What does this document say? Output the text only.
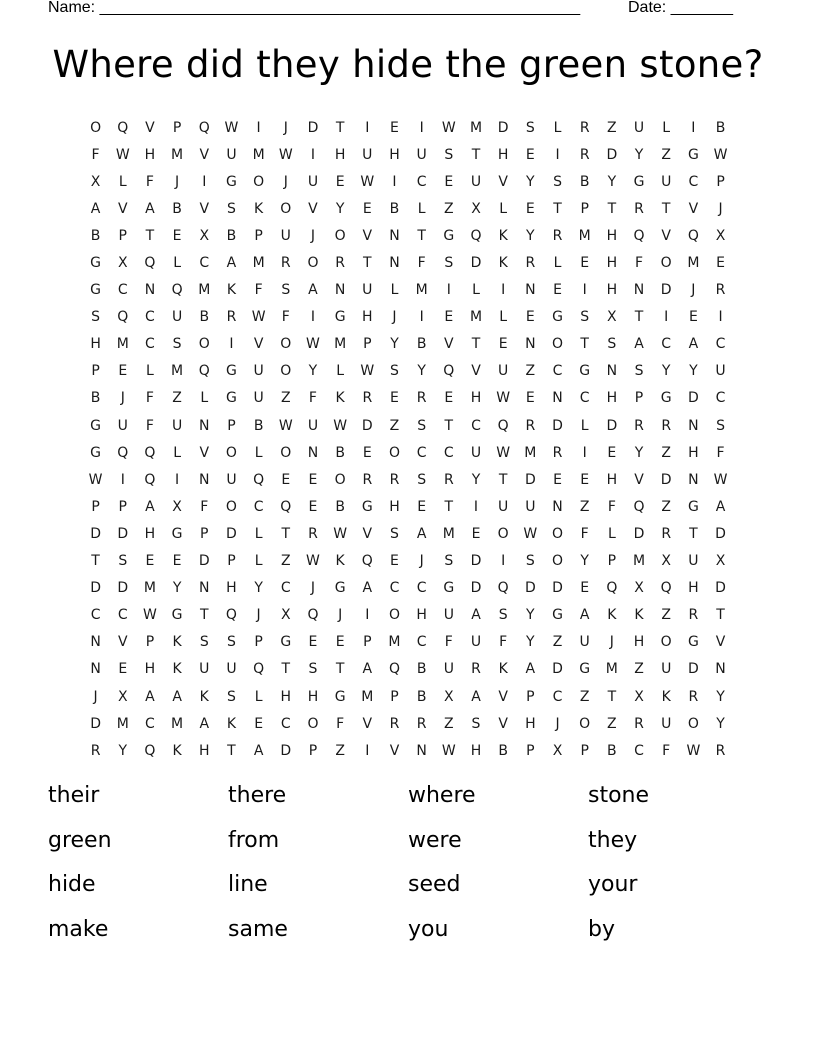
Name: ______________________________________________________	Date: _______
Where did they hide the green stone?
O	Q	V	P	Q	W	I	J	D	T	I	E	I	W	M	D	S	L	R	Z	U	L	I	B
F	W	H	M	V	U	M	W	I	H	U	H	U	S	T	H	E	I	R	D	Y	Z	G	W
X	L	F	J	I	G	O	J	U	E	W	I	C	E	U	V	Y	S	B	Y	G	U	C	P
A	V	A	B	V	S	K	O	V	Y	E	B	L	Z	X	L	E	T	P	T	R	T	V	J
B	P	T	E	X	B	P	U	J	O	V	N	T	G	Q	K	Y	R	M	H	Q	V	Q	X
G	X	Q	L	C	A	M	R	O	R	T	N	F	S	D	K	R	L	E	H	F	O	M	E
G	C	N	Q	M	K	F	S	A	N	U	L	M	I	L	I	N	E	I	H	N	D	J	R
S	Q	C	U	B	R	W	F	I	G	H	J	I	E	M	L	E	G	S	X	T	I	E	I
H	M	C	S	O	I	V	O	W	M	P	Y	B	V	T	E	N	O	T	S	A	C	A	C
P	E	L	M	Q	G	U	O	Y	L	W	S	Y	Q	V	U	Z	C	G	N	S	Y	Y	U
B	J	F	Z	L	G	U	Z	F	K	R	E	R	E	H	W	E	N	C	H	P	G	D	C
G	U	F	U	N	P	B	W	U	W	D	Z	S	T	C	Q	R	D	L	D	R	R	N	S
G	Q	Q	L	V	O	L	O	N	B	E	O	C	C	U	W	M	R	I	E	Y	Z	H	F
W	I	Q	I	N	U	Q	E	E	O	R	R	S	R	Y	T	D	E	E	H	V	D	N	W
P	P	A	X	F	O	C	Q	E	B	G	H	E	T	I	U	U	N	Z	F	Q	Z	G	A
D	D	H	G	P	D	L	T	R	W	V	S	A	M	E	O	W	O	F	L	D	R	T	D
T	S	E	E	D	P	L	Z	W	K	Q	E	J	S	D	I	S	O	Y	P	M	X	U	X
D	D	M	Y	N	H	Y	C	J	G	A	C	C	G	D	Q	D	D	E	Q	X	Q	H	D
C	C	W	G	T	Q	J	X	Q	J	I	O	H	U	A	S	Y	G	A	K	K	Z	R	T
N	V	P	K	S	S	P	G	E	E	P	M	C	F	U	F	Y	Z	U	J	H	O	G	V
N	E	H	K	U	U	Q	T	S	T	A	Q	B	U	R	K	A	D	G	M	Z	U	D	N
J	X	A	A	K	S	L	H	H	G	M	P	B	X	A	V	P	C	Z	T	X	K	R	Y
D	M	C	M	A	K	E	C	O	F	V	R	R	Z	S	V	H	J	O	Z	R	U	O	Y
R	Y	Q	K	H	T	A	D	P	Z	I	V	N	W	H	B	P	X	P	B	C	F	W	R
their	there	where	stone
green	from	were	they
hide	line	seed	your
make	same	you	by
